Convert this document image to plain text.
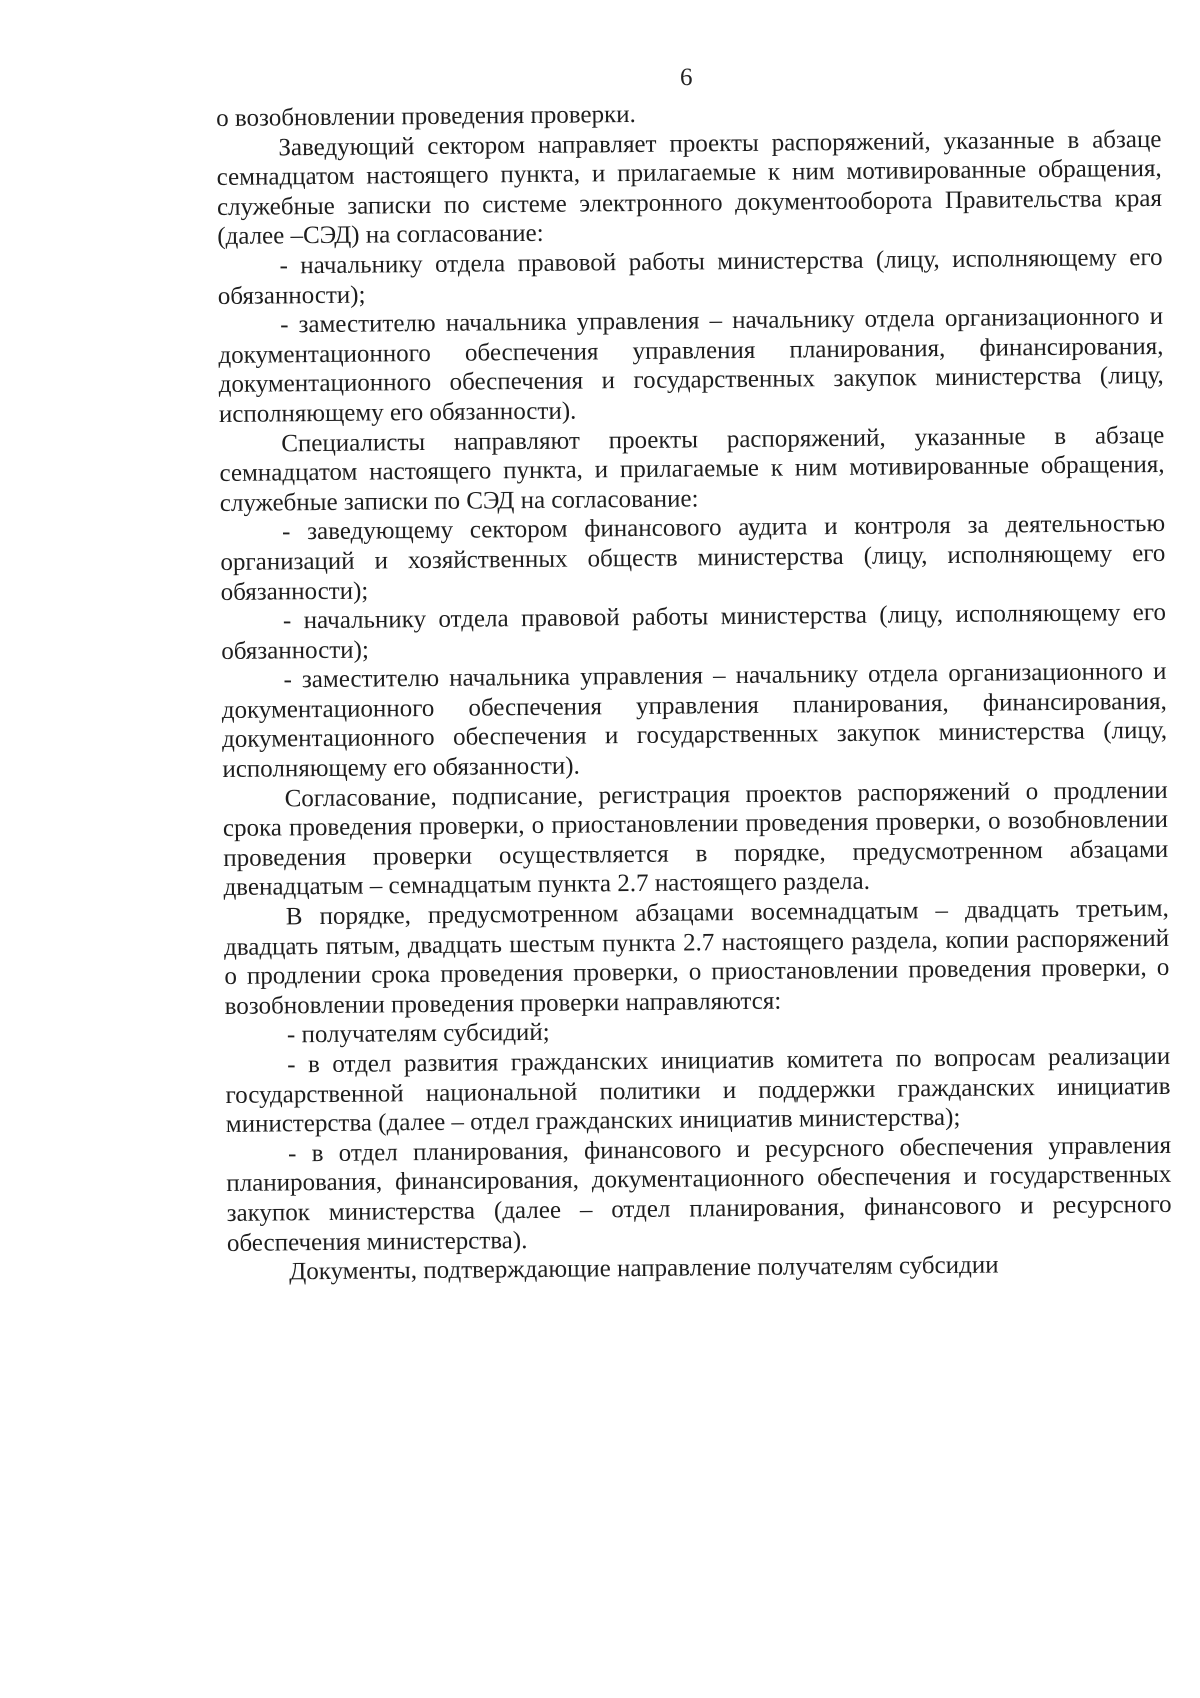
6

о возобновлении проведения проверки.

Заведующий сектором направляет проекты распоряжений, указанные в абзаце семнадцатом настоящего пункта, и прилагаемые к ним мотивированные обращения, служебные записки по системе электронного документооборота Правительства края (далее –СЭД) на согласование:

- начальнику отдела правовой работы министерства (лицу, исполняющему его обязанности);

- заместителю начальника управления – начальнику отдела организационного и документационного обеспечения управления планирования, финансирования, документационного обеспечения и государственных закупок министерства (лицу, исполняющему его обязанности).

Специалисты направляют проекты распоряжений, указанные в абзаце семнадцатом настоящего пункта, и прилагаемые к ним мотивированные обращения, служебные записки по СЭД на согласование:

- заведующему сектором финансового аудита и контроля за деятельностью организаций и хозяйственных обществ министерства (лицу, исполняющему его обязанности);

- начальнику отдела правовой работы министерства (лицу, исполняющему его обязанности);

- заместителю начальника управления – начальнику отдела организационного и документационного обеспечения управления планирования, финансирования, документационного обеспечения и государственных закупок министерства (лицу, исполняющему его обязанности).

Согласование, подписание, регистрация проектов распоряжений о продлении срока проведения проверки, о приостановлении проведения проверки, о возобновлении проведения проверки осуществляется в порядке, предусмотренном абзацами двенадцатым – семнадцатым пункта 2.7 настоящего раздела.

В порядке, предусмотренном абзацами восемнадцатым – двадцать третьим, двадцать пятым, двадцать шестым пункта 2.7 настоящего раздела, копии распоряжений о продлении срока проведения проверки, о приостановлении проведения проверки, о возобновлении проведения проверки направляются:

- получателям субсидий;

- в отдел развития гражданских инициатив комитета по вопросам реализации государственной национальной политики и поддержки гражданских инициатив министерства (далее – отдел гражданских инициатив министерства);

- в отдел планирования, финансового и ресурсного обеспечения управления планирования, финансирования, документационного обеспечения и государственных закупок министерства (далее – отдел планирования, финансового и ресурсного обеспечения министерства).

Документы, подтверждающие направление получателям субсидии
